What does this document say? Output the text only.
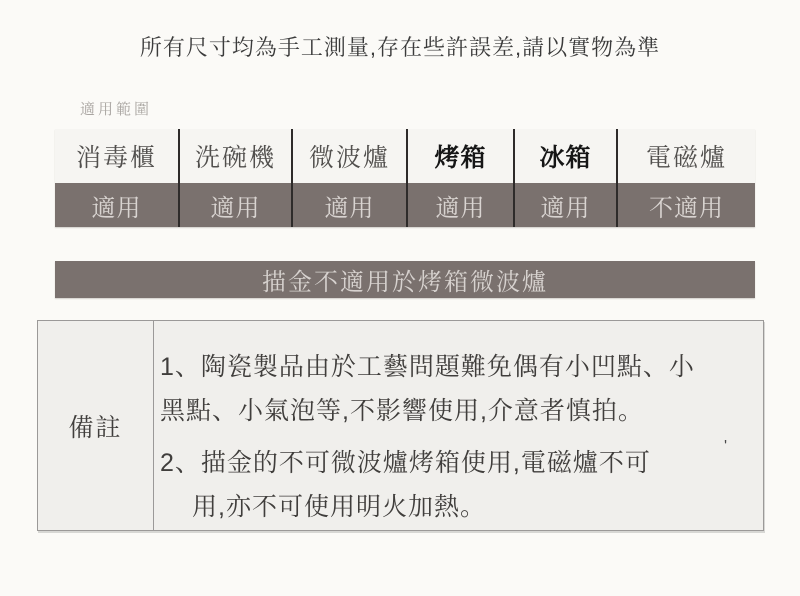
所有尺寸均為手工測量,存在些許誤差,請以實物為準
適用範圍
消毒櫃
適用
洗碗機
適用
微波爐
適用
烤箱
適用
冰箱
適用
電磁爐
不適用
描金不適用於烤箱微波爐
備註
1、陶瓷製品由於工藝問題難免偶有小凹點、小
黑點、小氣泡等,不影響使用,介意者慎拍。
2、描金的不可微波爐烤箱使用,電磁爐不可
用,亦不可使用明火加熱。
'
